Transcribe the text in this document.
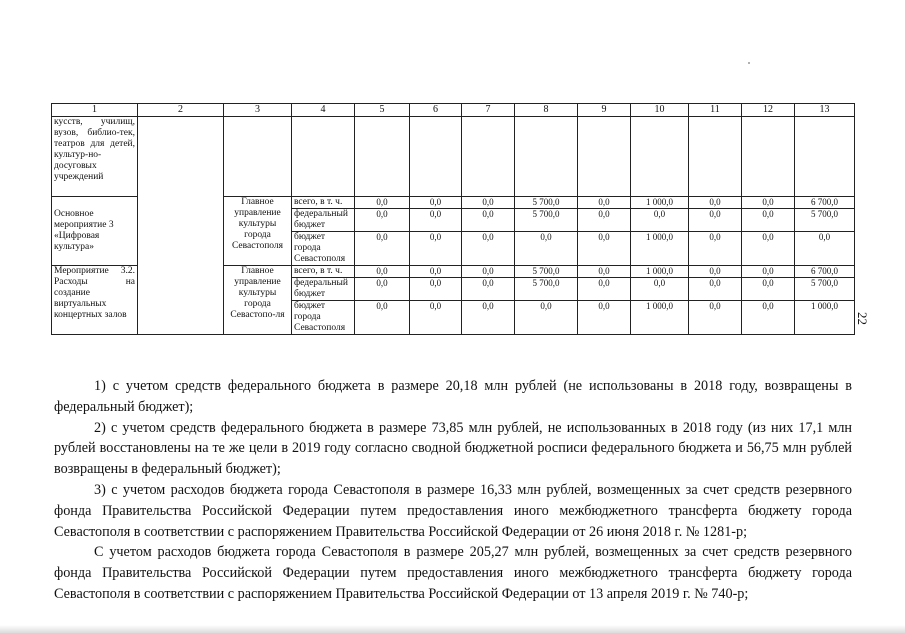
1	2	3	4	5	6	7	8	9	10	11	12	13
кусств, училищ, вузов, библио-тек, театров для детей, культур-но-досуговых учреждений												
Основное мероприятие 3 «Цифровая культура»		Главное управление культуры города Севастополя	всего, в т. ч.	0,0	0,0	0,0	5 700,0	0,0	1 000,0	0,0	0,0	6 700,0
			федеральный бюджет	0,0	0,0	0,0	5 700,0	0,0	0,0	0,0	0,0	5 700,0
			бюджет города Севастополя	0,0	0,0	0,0	0,0	0,0	1 000,0	0,0	0,0	0,0
Мероприятие 3.2. Расходы на создание виртуальных концертных залов		Главное управление культуры города Севастопо-ля	всего, в т. ч.	0,0	0,0	0,0	5 700,0	0,0	1 000,0	0,0	0,0	6 700,0
			федеральный бюджет	0,0	0,0	0,0	5 700,0	0,0	0,0	0,0	0,0	5 700,0
			бюджет города Севастополя	0,0	0,0	0,0	0,0	0,0	1 000,0	0,0	0,0	1 000,0
22

1) с учетом средств федерального бюджета в размере 20,18 млн рублей (не использованы в 2018 году, возвращены в федеральный бюджет);

2) с учетом средств федерального бюджета в размере 73,85 млн рублей, не использованных в 2018 году (из них 17,1 млн рублей восстановлены на те же цели в 2019 году согласно сводной бюджетной росписи федерального бюджета и 56,75 млн рублей возвращены в федеральный бюджет);

3) с учетом расходов бюджета города Севастополя в размере 16,33 млн рублей, возмещенных за счет средств резервного фонда Правительства Российской Федерации путем предоставления иного межбюджетного трансферта бюджету города Севастополя в соответствии с распоряжением Правительства Российской Федерации от 26 июня 2018 г. № 1281-р;

С учетом расходов бюджета города Севастополя в размере 205,27 млн рублей, возмещенных за счет средств резервного фонда Правительства Российской Федерации путем предоставления иного межбюджетного трансферта бюджету города Севастополя в соответствии с распоряжением Правительства Российской Федерации от 13 апреля 2019 г. № 740-р;
